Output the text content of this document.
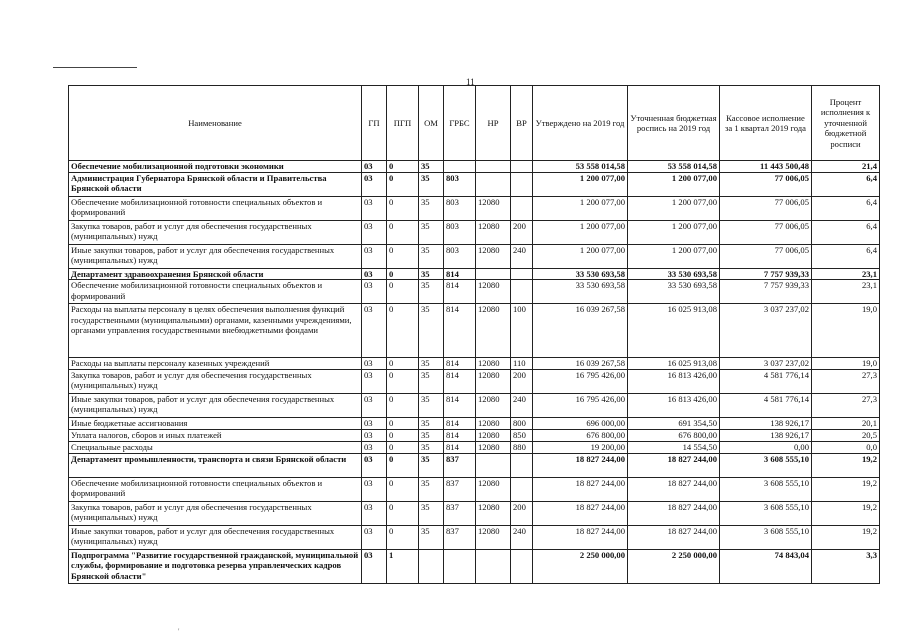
11
Наименование	ГП	ПГП	ОМ	ГРБС	НР	ВР	Утверждено на 2019 год	Уточненная бюджетная роспись на 2019 год	Кассовое исполнение за 1 квартал 2019 года	Процент исполнения к уточненной бюджетной росписи
Обеспечение мобилизационной подготовки экономики	03	0	35				53 558 014,58	53 558 014,58	11 443 500,48	21,4
Администрация Губернатора Брянской области и Правительства Брянской области	03	0	35	803			1 200 077,00	1 200 077,00	77 006,05	6,4
Обеспечение мобилизационной готовности специальных объектов и формирований	03	0	35	803	12080		1 200 077,00	1 200 077,00	77 006,05	6,4
Закупка товаров, работ и услуг для обеспечения государственных (муниципальных) нужд	03	0	35	803	12080	200	1 200 077,00	1 200 077,00	77 006,05	6,4
Иные закупки товаров, работ и услуг для обеспечения государственных (муниципальных) нужд	03	0	35	803	12080	240	1 200 077,00	1 200 077,00	77 006,05	6,4
Департамент здравоохранения Брянской области	03	0	35	814			33 530 693,58	33 530 693,58	7 757 939,33	23,1
Обеспечение мобилизационной готовности специальных объектов и формирований	03	0	35	814	12080		33 530 693,58	33 530 693,58	7 757 939,33	23,1
Расходы на выплаты персоналу в целях обеспечения выполнения функций государственными (муниципальными) органами, казенными учреждениями, органами управления государственными внебюджетными фондами	03	0	35	814	12080	100	16 039 267,58	16 025 913,08	3 037 237,02	19,0
Расходы на выплаты персоналу казенных учреждений	03	0	35	814	12080	110	16 039 267,58	16 025 913,08	3 037 237,02	19,0
Закупка товаров, работ и услуг для обеспечения государственных (муниципальных) нужд	03	0	35	814	12080	200	16 795 426,00	16 813 426,00	4 581 776,14	27,3
Иные закупки товаров, работ и услуг для обеспечения государственных (муниципальных) нужд	03	0	35	814	12080	240	16 795 426,00	16 813 426,00	4 581 776,14	27,3
Иные бюджетные ассигнования	03	0	35	814	12080	800	696 000,00	691 354,50	138 926,17	20,1
Уплата налогов, сборов и иных платежей	03	0	35	814	12080	850	676 800,00	676 800,00	138 926,17	20,5
Специальные расходы	03	0	35	814	12080	880	19 200,00	14 554,50	0,00	0,0
Департамент промышленности, транспорта и связи Брянской области	03	0	35	837			18 827 244,00	18 827 244,00	3 608 555,10	19,2
Обеспечение мобилизационной готовности специальных объектов и формирований	03	0	35	837	12080		18 827 244,00	18 827 244,00	3 608 555,10	19,2
Закупка товаров, работ и услуг для обеспечения государственных (муниципальных) нужд	03	0	35	837	12080	200	18 827 244,00	18 827 244,00	3 608 555,10	19,2
Иные закупки товаров, работ и услуг для обеспечения государственных (муниципальных) нужд	03	0	35	837	12080	240	18 827 244,00	18 827 244,00	3 608 555,10	19,2
Подпрограмма "Развитие государственной гражданской, муниципальной службы, формирование и подготовка резерва управленческих кадров Брянской области"	03	1					2 250 000,00	2 250 000,00	74 843,04	3,3
'
